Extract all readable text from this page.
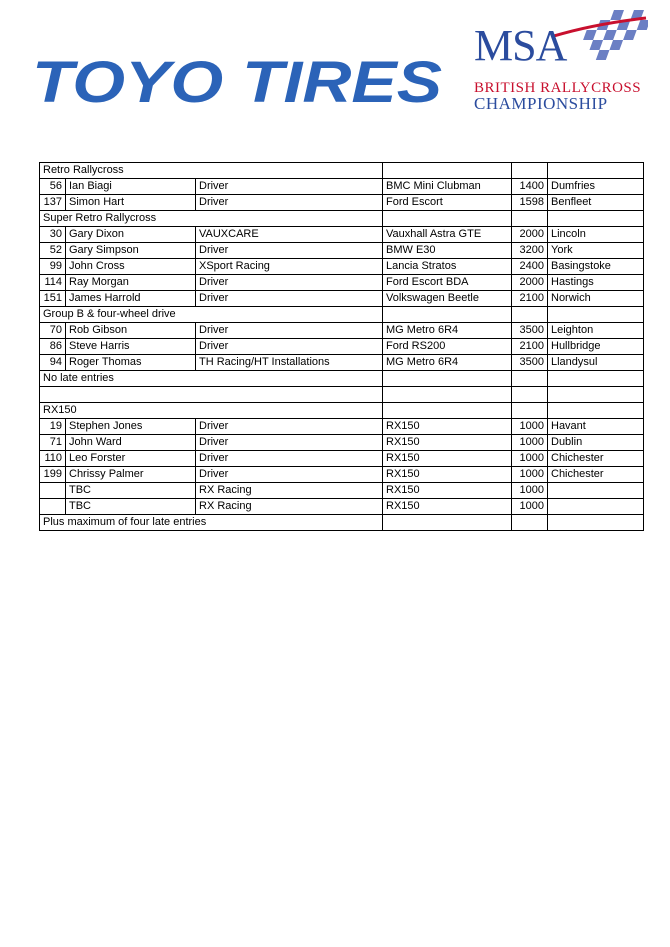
TOYO TIRES
MSA
BRITISH RALLYCROSS
CHAMPIONSHIP
Retro Rallycross					
56	Ian Biagi	Driver	BMC Mini Clubman	1400	Dumfries
137	Simon Hart	Driver	Ford Escort	1598	Benfleet
Super Retro Rallycross					
30	Gary Dixon	VAUXCARE	Vauxhall Astra GTE	2000	Lincoln
52	Gary Simpson	Driver	BMW E30	3200	York
99	John Cross	XSport Racing	Lancia Stratos	2400	Basingstoke
114	Ray Morgan	Driver	Ford Escort BDA	2000	Hastings
151	James Harrold	Driver	Volkswagen Beetle	2100	Norwich
Group B & four-wheel drive					
70	Rob Gibson	Driver	MG Metro 6R4	3500	Leighton
86	Steve Harris	Driver	Ford RS200	2100	Hullbridge
94	Roger Thomas	TH Racing/HT Installations	MG Metro 6R4	3500	Llandysul
No late entries					

RX150					
19	Stephen Jones	Driver	RX150	1000	Havant
71	John Ward	Driver	RX150	1000	Dublin
110	Leo Forster	Driver	RX150	1000	Chichester
199	Chrissy Palmer	Driver	RX150	1000	Chichester
	TBC	RX Racing	RX150	1000	
	TBC	RX Racing	RX150	1000	
Plus maximum of four late entries					
